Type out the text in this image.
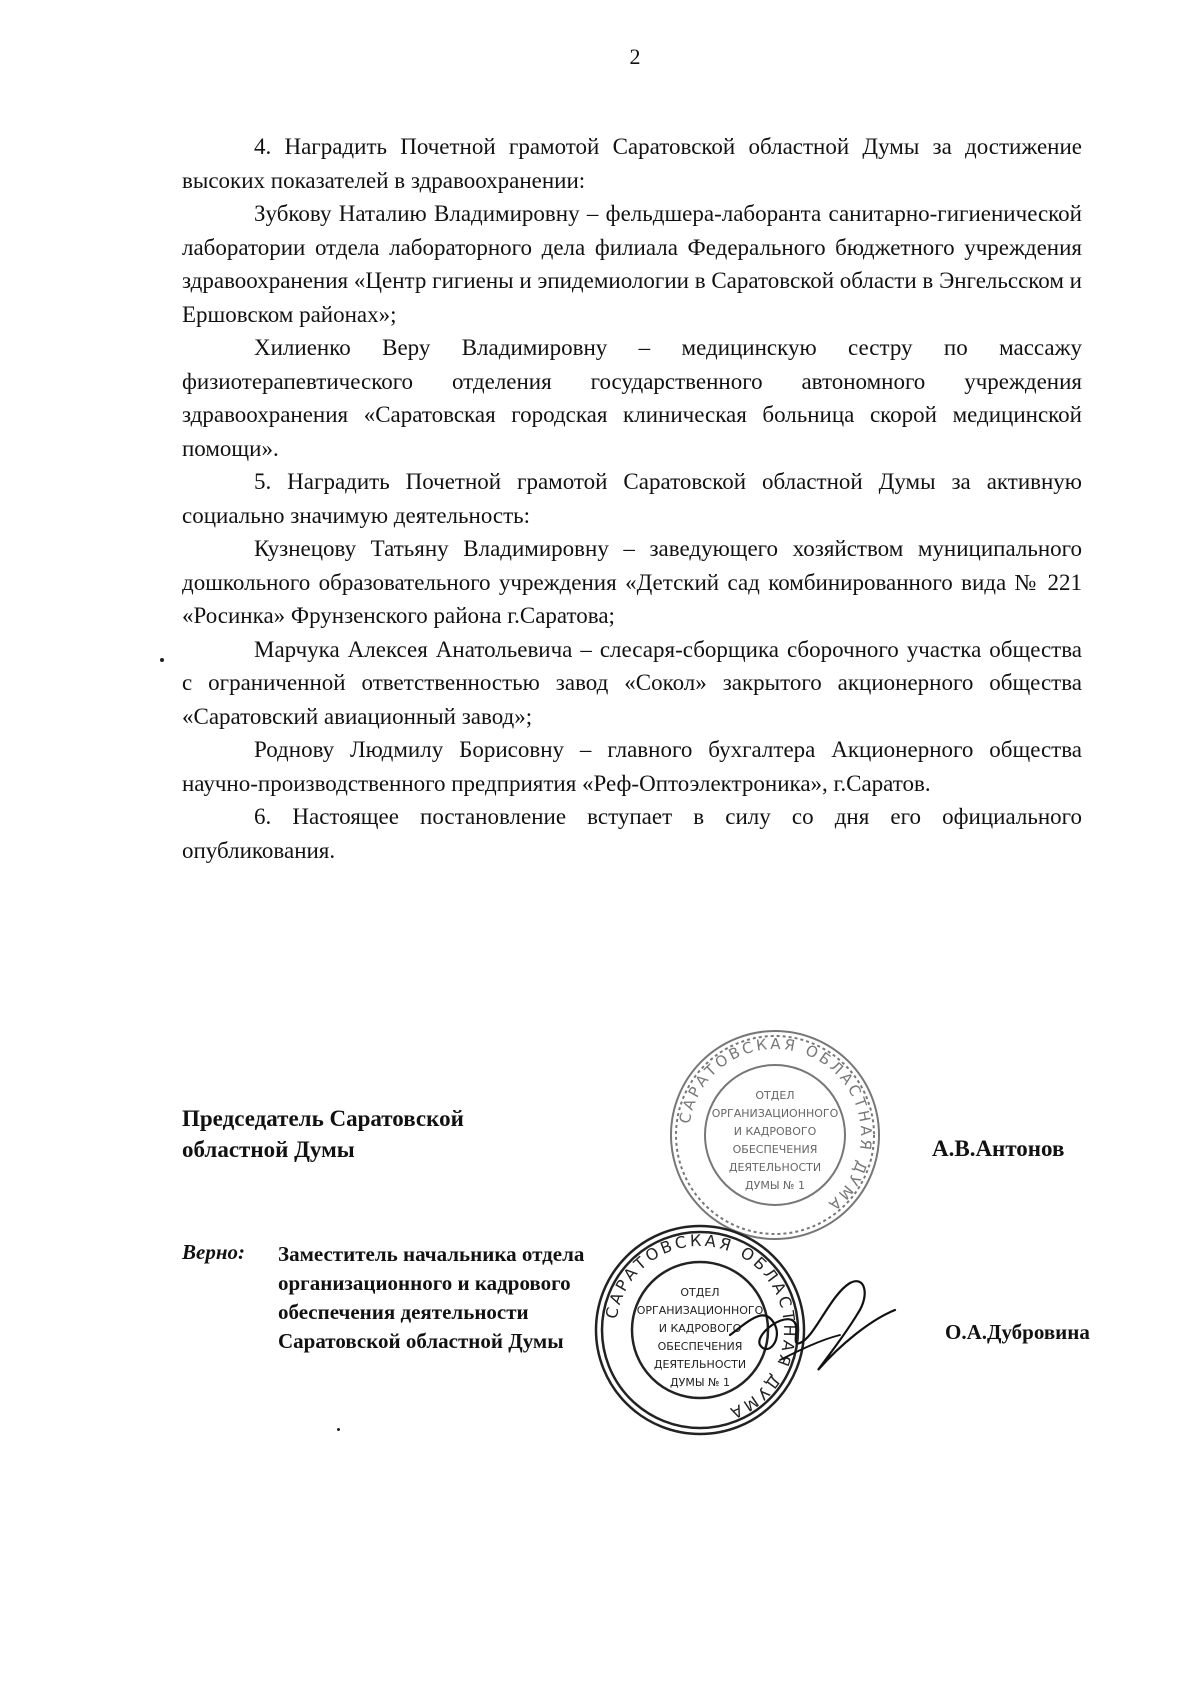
2

4. Наградить Почетной грамотой Саратовской областной Думы за достижение высоких показателей в здравоохранении:

Зубкову Наталию Владимировну – фельдшера-лаборанта санитарно-гигиенической лаборатории отдела лабораторного дела филиала Федерального бюджетного учреждения здравоохранения «Центр гигиены и эпидемиологии в Саратовской области в Энгельсском и Ершовском районах»;

Хилиенко Веру Владимировну – медицинскую сестру по массажу физиотерапевтического отделения государственного автономного учреждения здравоохранения «Саратовская городская клиническая больница скорой медицинской помощи».

5. Наградить Почетной грамотой Саратовской областной Думы за активную социально значимую деятельность:

Кузнецову Татьяну Владимировну – заведующего хозяйством муниципального дошкольного образовательного учреждения «Детский сад комбинированного вида № 221 «Росинка» Фрунзенского района г.Саратова;

Марчука Алексея Анатольевича – слесаря-сборщика сборочного участка общества с ограниченной ответственностью завод «Сокол» закрытого акционерного общества «Саратовский авиационный завод»;

Роднову Людмилу Борисовну – главного бухгалтера Акционерного общества научно-производственного предприятия «Реф-Оптоэлектроника», г.Саратов.

6. Настоящее постановление вступает в силу со дня его официального опубликования.

Председатель Саратовской
областной Думы	А.В.Антонов
Верно: Заместитель начальника отдела
организационного и кадрового
обеспечения деятельности
Саратовской областной Думы	О.А.Дубровина
САРАТОВСКАЯ ОБЛАСТНАЯ ДУМА
ОТДЕЛ
ОРГАНИЗАЦИОННОГО
И КАДРОВОГО
ОБЕСПЕЧЕНИЯ
ДЕЯТЕЛЬНОСТИ
ДУМЫ № 1
САРАТОВСКАЯ ОБЛАСТНАЯ ДУМА
ОТДЕЛ
ОРГАНИЗАЦИОННОГО
И КАДРОВОГО
ОБЕСПЕЧЕНИЯ
ДЕЯТЕЛЬНОСТИ
ДУМЫ № 1
